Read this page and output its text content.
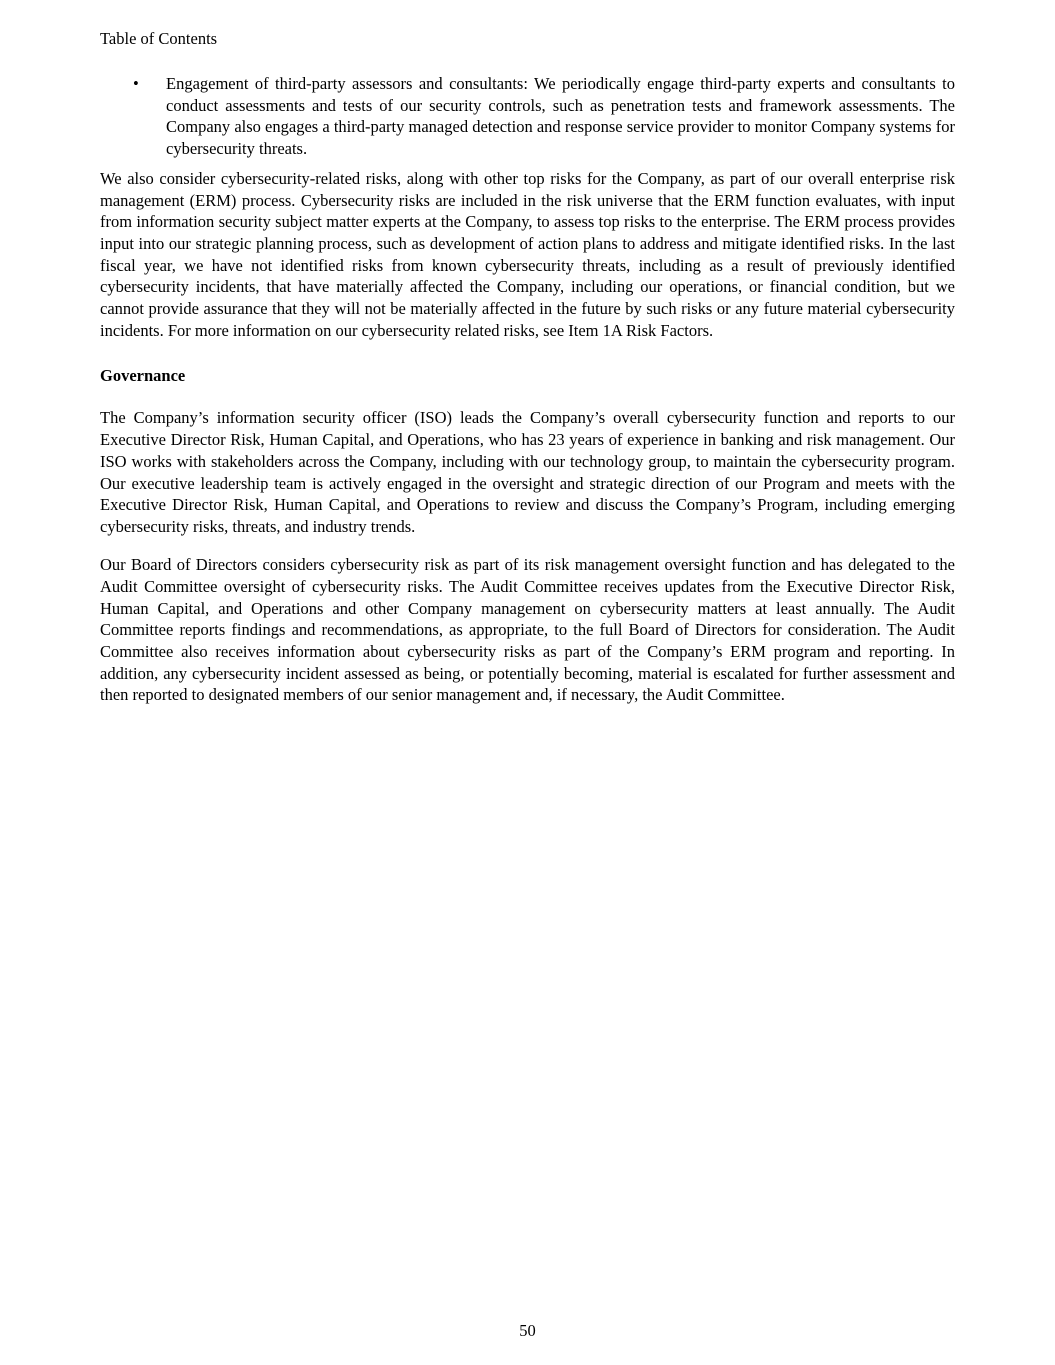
Table of Contents
•	Engagement of third-party assessors and consultants: We periodically engage third-party experts and consultants to conduct assessments and tests of our security controls, such as penetration tests and framework assessments. The Company also engages a third-party managed detection and response service provider to monitor Company systems for cybersecurity threats.

We also consider cybersecurity-related risks, along with other top risks for the Company, as part of our overall enterprise risk management (ERM) process. Cybersecurity risks are included in the risk universe that the ERM function evaluates, with input from information security subject matter experts at the Company, to assess top risks to the enterprise. The ERM process provides input into our strategic planning process, such as development of action plans to address and mitigate identified risks. In the last fiscal year, we have not identified risks from known cybersecurity threats, including as a result of previously identified cybersecurity incidents, that have materially affected the Company, including our operations, or financial condition, but we cannot provide assurance that they will not be materially affected in the future by such risks or any future material cybersecurity incidents. For more information on our cybersecurity related risks, see Item 1A Risk Factors.

Governance

The Company’s information security officer (ISO) leads the Company’s overall cybersecurity function and reports to our Executive Director Risk, Human Capital, and Operations, who has 23 years of experience in banking and risk management. Our ISO works with stakeholders across the Company, including with our technology group, to maintain the cybersecurity program. Our executive leadership team is actively engaged in the oversight and strategic direction of our Program and meets with the Executive Director Risk, Human Capital, and Operations to review and discuss the Company’s Program, including emerging cybersecurity risks, threats, and industry trends.

Our Board of Directors considers cybersecurity risk as part of its risk management oversight function and has delegated to the Audit Committee oversight of cybersecurity risks. The Audit Committee receives updates from the Executive Director Risk, Human Capital, and Operations and other Company management on cybersecurity matters at least annually. The Audit Committee reports findings and recommendations, as appropriate, to the full Board of Directors for consideration. The Audit Committee also receives information about cybersecurity risks as part of the Company’s ERM program and reporting. In addition, any cybersecurity incident assessed as being, or potentially becoming, material is escalated for further assessment and then reported to designated members of our senior management and, if necessary, the Audit Committee.

50
